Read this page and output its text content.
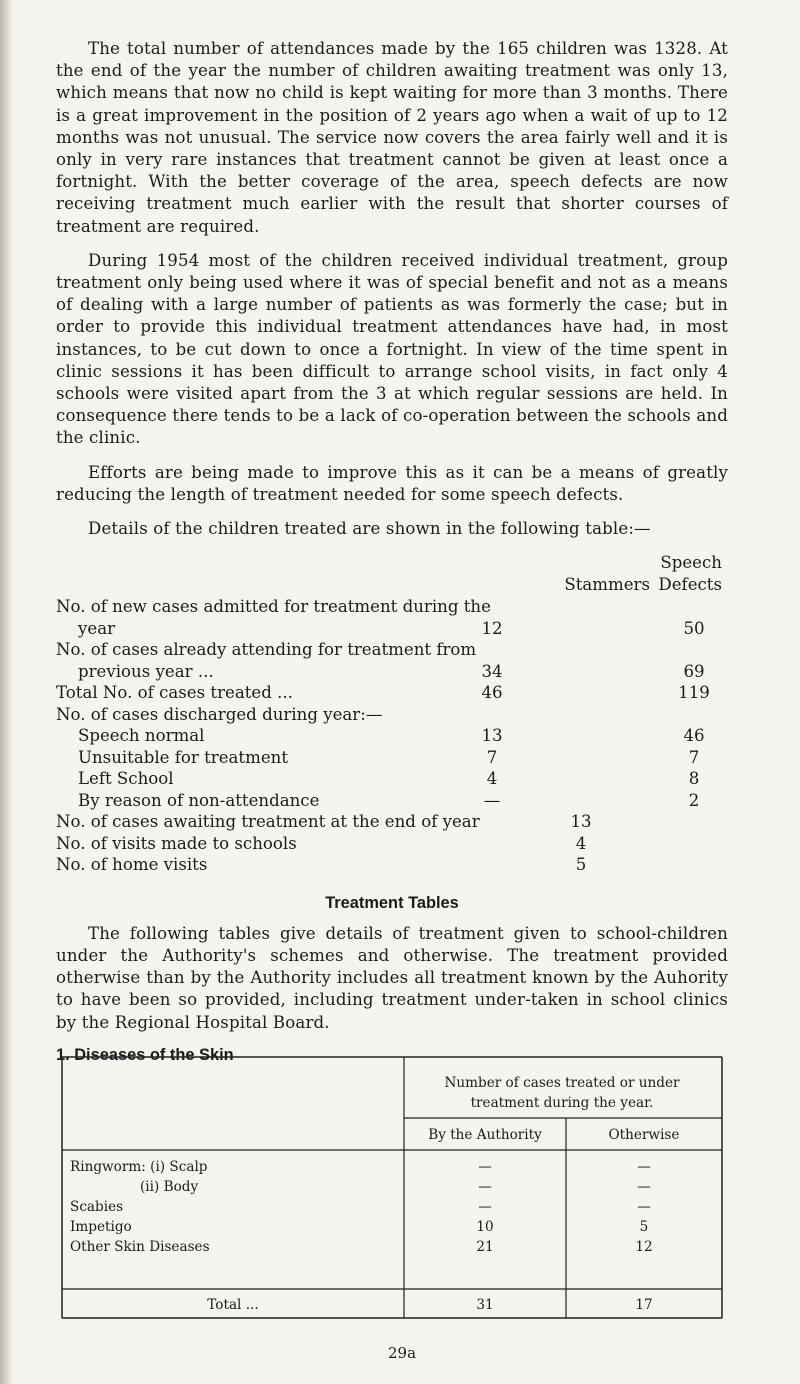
The total number of attendances made by the 165 children was 1328. At the end of the year the number of children awaiting treatment was only 13, which means that now no child is kept waiting for more than 3 months. There is a great improvement in the position of 2 years ago when a wait of up to 12 months was not unusual. The service now covers the area fairly well and it is only in very rare instances that treatment cannot be given at least once a fortnight. With the better coverage of the area, speech defects are now receiving treatment much earlier with the result that shorter courses of treatment are required.

During 1954 most of the children received individual treatment, group treatment only being used where it was of special benefit and not as a means of dealing with a large number of patients as was formerly the case; but in order to provide this individual treatment attendances have had, in most instances, to be cut down to once a fortnight. In view of the time spent in clinic sessions it has been difficult to arrange school visits, in fact only 4 schools were visited apart from the 3 at which regular sessions are held. In consequence there tends to be a lack of co-operation between the schools and the clinic.

Efforts are being made to improve this as it can be a means of greatly reducing the length of treatment needed for some speech defects.

Details of the children treated are shown in the following table:—

Speech
Stammers Defects
No. of new cases admitted for treatment during the
year	12	50
No. of cases already attending for treatment from
previous year ...	34	69
Total No. of cases treated ...	46	119
No. of cases discharged during year:—
Speech normal	13	46
Unsuitable for treatment	7	7
Left School	4	8
By reason of non-attendance	—	2
No. of cases awaiting treatment at the end of year	13
No. of visits made to schools	4
No. of home visits	5
Treatment Tables

The following tables give details of treatment given to school-children under the Authority's schemes and otherwise. The treatment provided otherwise than by the Authority includes all treatment known by the Auhority to have been so provided, including treatment under-taken in school clinics by the Regional Hospital Board.

1. Diseases of the Skin
Number of cases treated or under treatment during the year.
By the Authority	Otherwise
Ringworm: (i) Scalp	—	—
(ii) Body	—	—
Scabies	—	—
Impetigo	10	5
Other Skin Diseases	21	12
Total ...	31	17
29a
